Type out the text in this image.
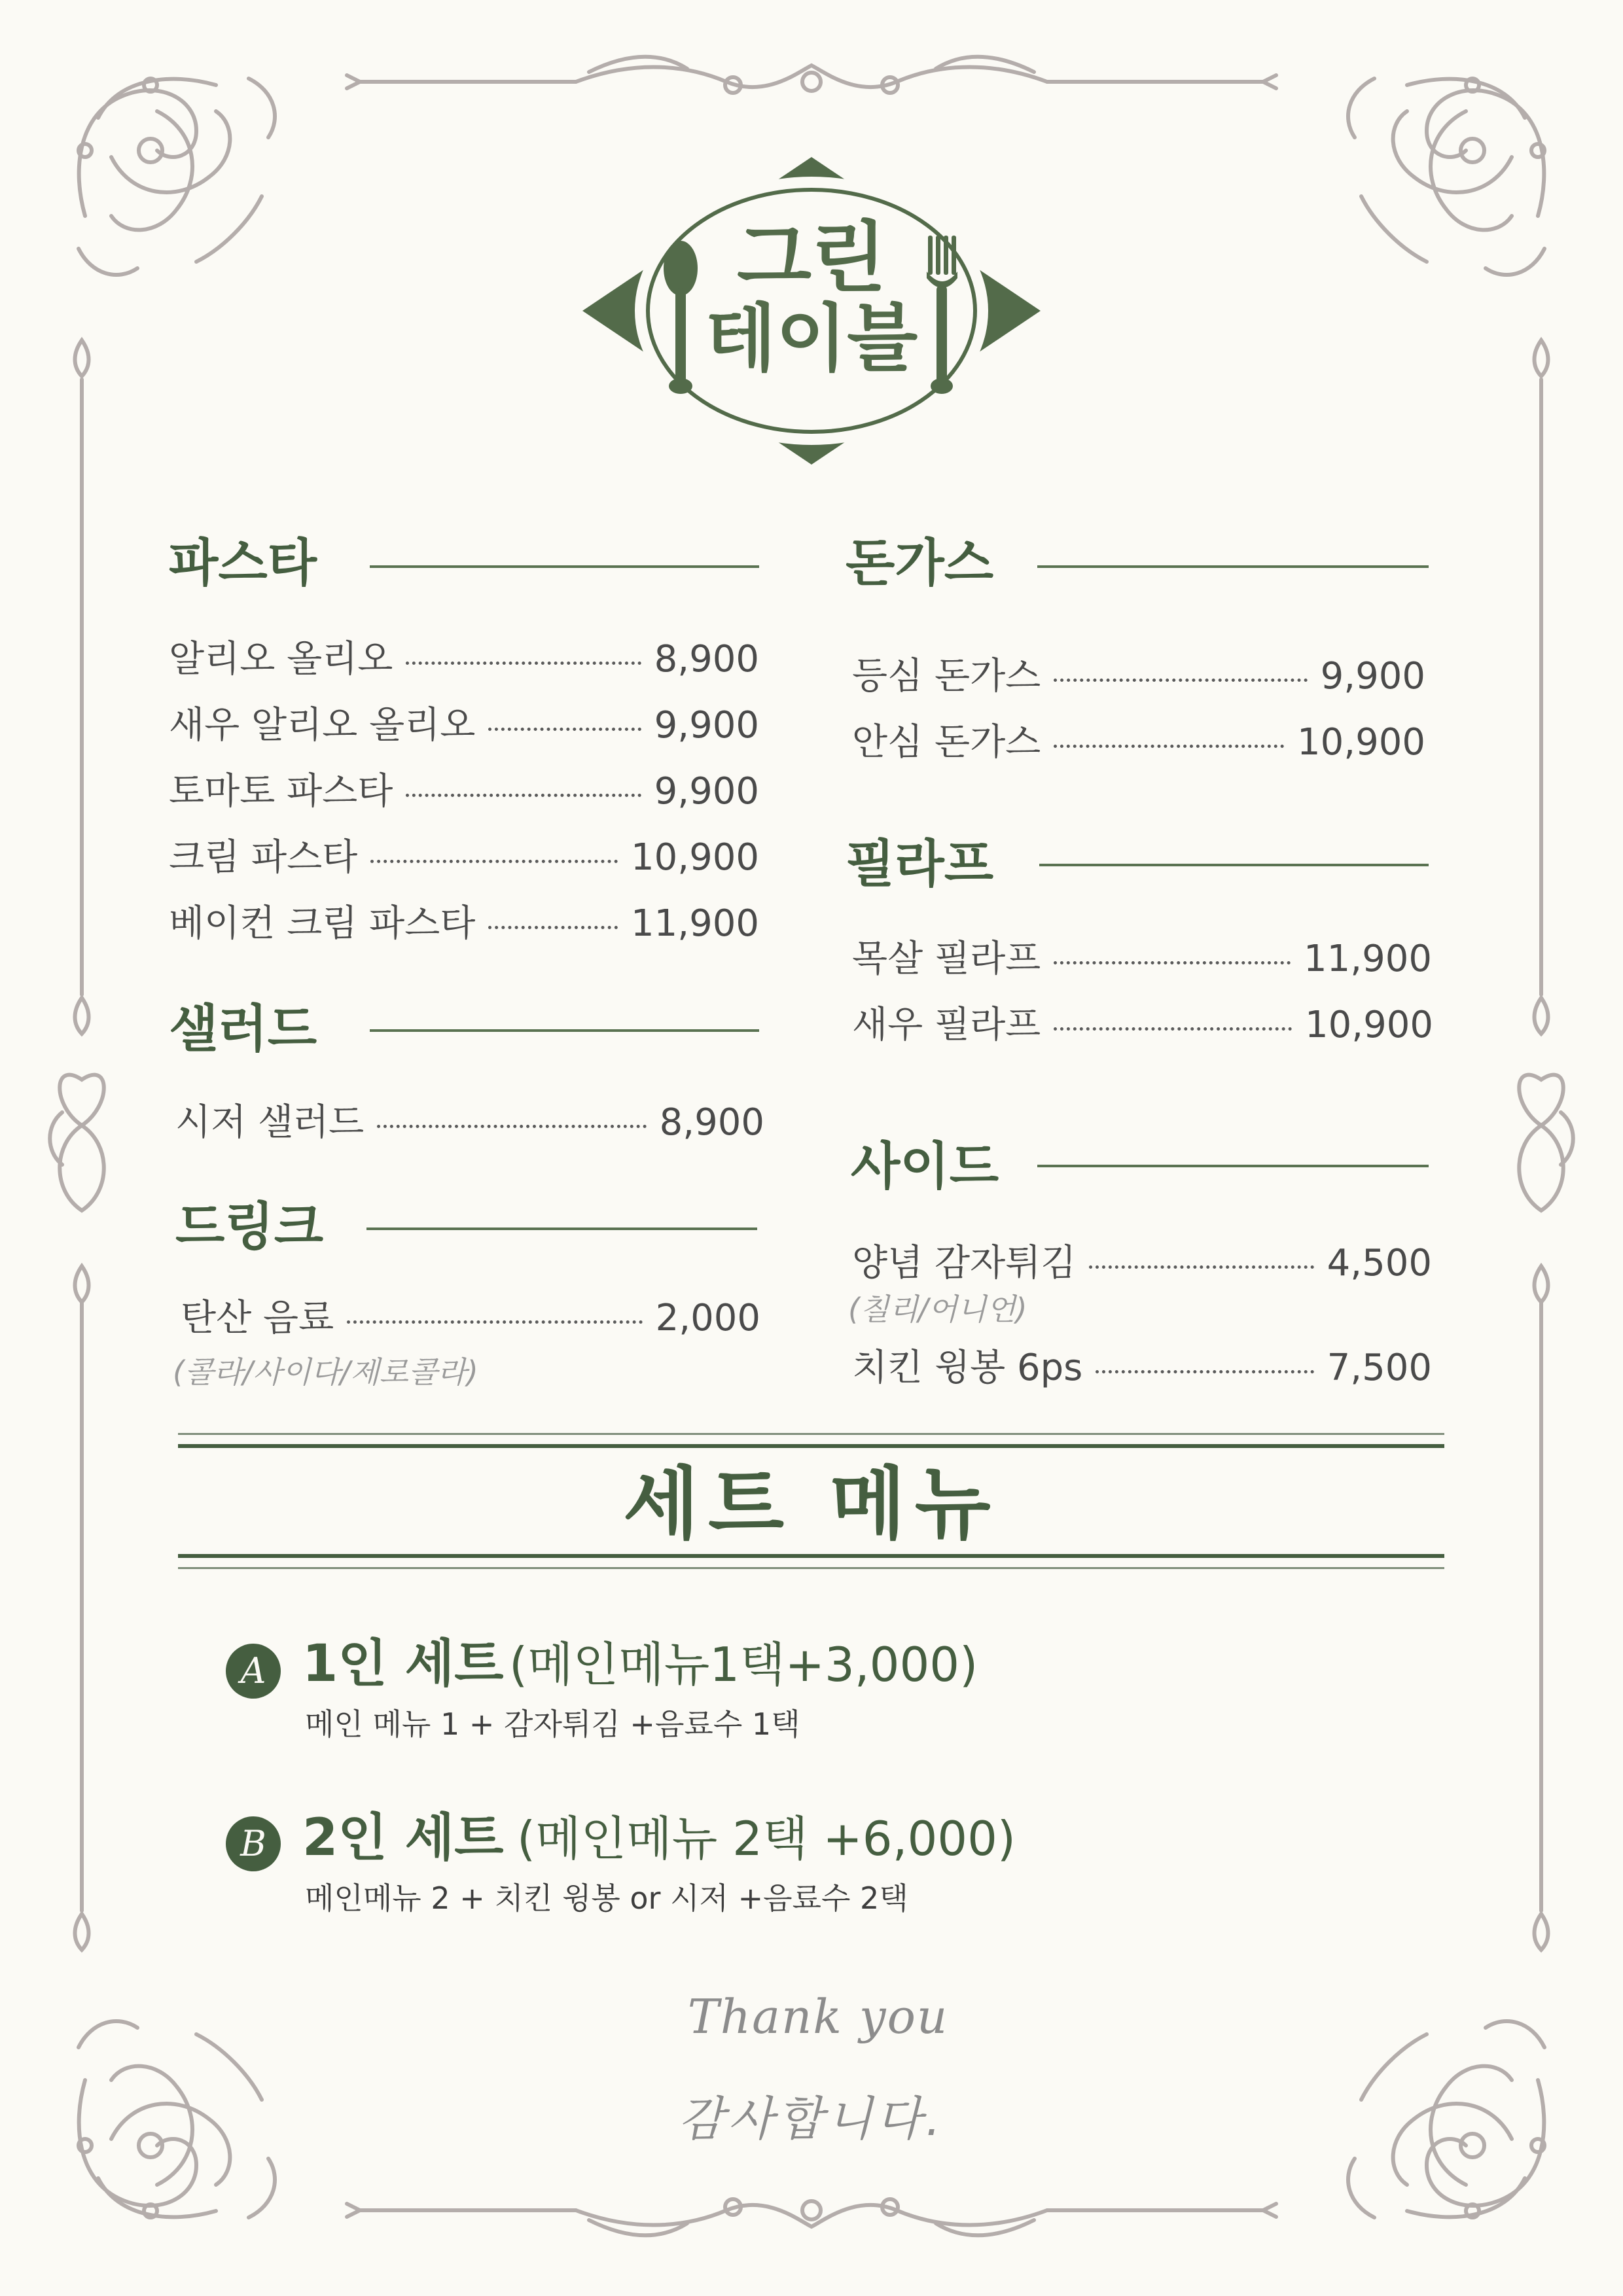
그린
테이블
파스타
알리오 올리오	8,900
새우 알리오 올리오	9,900
토마토 파스타	9,900
크림 파스타	10,900
베이컨 크림 파스타	11,900
샐러드
시저 샐러드	8,900
드링크
탄산 음료	2,000
(콜라/사이다/제로콜라)
돈가스
등심 돈가스	9,900
안심 돈가스	10,900
필라프
목살 필라프	11,900
새우 필라프	10,900
사이드
양념 감자튀김	4,500
(칠리/어니언)
치킨 윙봉 6ps	7,500
세트 메뉴
A 1인 세트 (메인메뉴1택+3,000)
메인 메뉴 1 + 감자튀김 +음료수 1택
B 2인 세트 (메인메뉴 2택 +6,000)
메인메뉴 2 + 치킨 윙봉 or 시저 +음료수 2택
Thank you
감사합니다.
